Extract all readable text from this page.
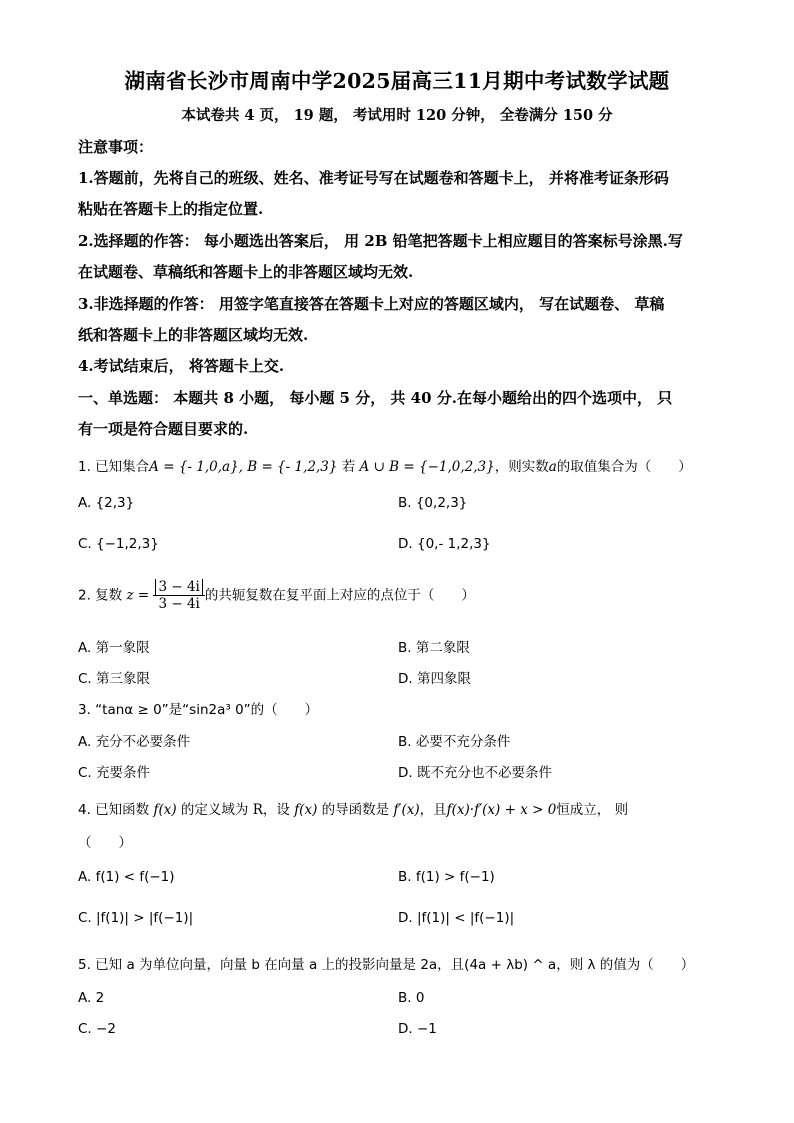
湖南省长沙市周南中学2025届高三11月期中考试数学试题
本试卷共 4 页， 19 题， 考试用时 120 分钟， 全卷满分 150 分
注意事项：
1.答题前，先将自己的班级、姓名、准考证号写在试题卷和答题卡上， 并将准考证条形码
粘贴在答题卡上的指定位置.
2.选择题的作答： 每小题选出答案后， 用 2B 铅笔把答题卡上相应题目的答案标号涂黑.写
在试题卷、草稿纸和答题卡上的非答题区域均无效.
3.非选择题的作答： 用签字笔直接答在答题卡上对应的答题区域内， 写在试题卷、 草稿
纸和答题卡上的非答题区域均无效.
4.考试结束后， 将答题卡上交.
一、单选题： 本题共 8 小题， 每小题 5 分， 共 40 分.在每小题给出的四个选项中， 只
有一项是符合题目要求的.
1. 已知集合A = {- 1,0,a}, B = {- 1,2,3} 若 A ∪ B = {−1,0,2,3}，则实数a的取值集合为（　　）
A. {2,3}	B. {0,2,3}
C. {−1,2,3}	D. {0,- 1,2,3}
2. 复数 $z = \frac{3 - 4i}{3 - 4i}$ 的共轭复数在复平面上对应的点位于（　　）
A. 第一象限	B. 第二象限
C. 第三象限	D. 第四象限
3. “tanα ≥ 0”是“sin2a³ 0”的（　　）
A. 充分不必要条件	B. 必要不充分条件
C. 充要条件	D. 既不充分也不必要条件
4. 已知函数 f(x) 的定义域为 R，设 f(x) 的导函数是 f′(x)，且f(x)·f′(x) + x > 0恒成立， 则
（　　）
A. f(1) < f(−1)	B. f(1) > f(−1)
C. |f(1)| > |f(−1)|	D. |f(1)| < |f(−1)|
5. 已知 a 为单位向量，向量 b 在向量 a 上的投影向量是 2a，且(4a + λb) ^ a，则 λ 的值为（　　）
A. 2	B. 0
C. −2	D. −1
